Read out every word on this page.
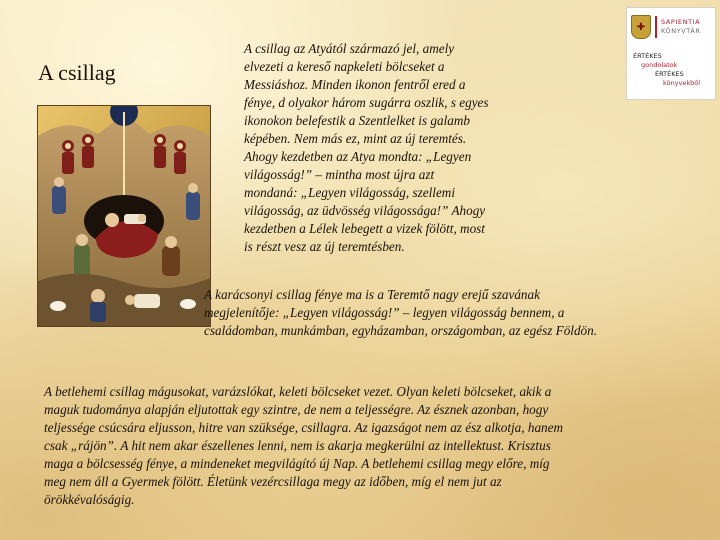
A csillag
✚	SAPIENTIA
KÖNYVTÁR
ÉRTÉKES
gondolatok
ÉRTÉKES
könyvekből
A csillag az Atyától származó jel, amely
elvezeti a kereső napkeleti bölcseket a
Messiáshoz. Minden ikonon fentről ered a
fénye, d olyakor három sugárra oszlik, s egyes
ikonokon belefestik a Szentlelket is galamb
képében. Nem más ez, mint az új teremtés.
Ahogy kezdetben az Atya mondta: „Legyen
világosság!” – mintha most újra azt
mondaná: „Legyen világosság, szellemi
világosság, az üdvösség világossága!” Ahogy
kezdetben a Lélek lebegett a vizek fölött, most
is részt vesz az új teremtésben.
A karácsonyi csillag fénye ma is a Teremtő nagy erejű szavának
megjelenítője: „Legyen világosság!” – legyen világosság bennem, a
családomban, munkámban, egyházamban, országomban, az egész Földön.
A betlehemi csillag mágusokat, varázslókat, keleti bölcseket vezet. Olyan keleti bölcseket, akik a
maguk tudománya alapján eljutottak egy szintre, de nem a teljességre. Az észnek azonban, hogy
teljessége csúcsára eljusson, hitre van szüksége, csillagra. Az igazságot nem az ész alkotja, hanem
csak „rájön”. A hit nem akar észellenes lenni, nem is akarja megkerülni az intellektust. Krisztus
maga a bölcsesség fénye, a mindeneket megvilágító új Nap. A betlehemi csillag megy előre, míg
meg nem áll a Gyermek fölött. Életünk vezércsillaga megy az időben, míg el nem jut az
örökkévalóságig.
